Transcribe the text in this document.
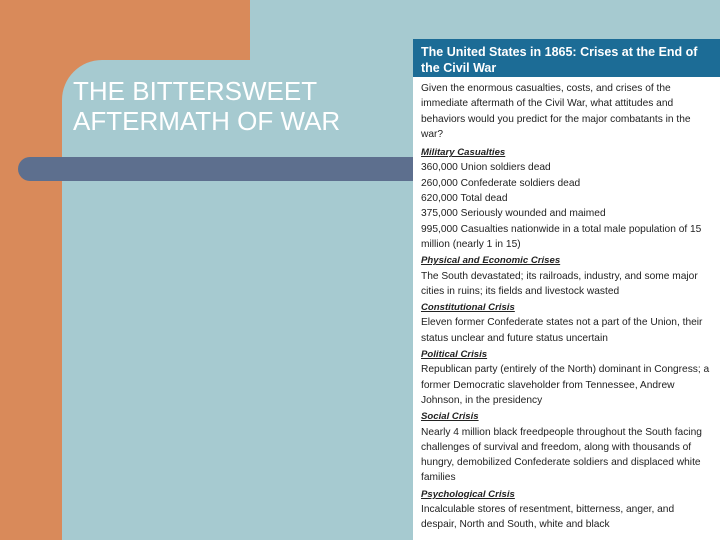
THE BITTERSWEET AFTERMATH OF WAR
The United States in 1865: Crises at the End of the Civil War

Given the enormous casualties, costs, and crises of the immediate aftermath of the Civil War, what attitudes and behaviors would you predict for the major combatants in the war?

Military Casualties

360,000 Union soldiers dead

260,000 Confederate soldiers dead

620,000 Total dead

375,000 Seriously wounded and maimed

995,000 Casualties nationwide in a total male population of 15 million (nearly 1 in 15)

Physical and Economic Crises

The South devastated; its railroads, industry, and some major cities in ruins; its fields and livestock wasted

Constitutional Crisis

Eleven former Confederate states not a part of the Union, their status unclear and future status uncertain

Political Crisis

Republican party (entirely of the North) dominant in Congress; a former Democratic slaveholder from Tennessee, Andrew Johnson, in the presidency

Social Crisis

Nearly 4 million black freedpeople throughout the South facing challenges of survival and freedom, along with thousands of hungry, demobilized Confederate soldiers and displaced white families

Psychological Crisis

Incalculable stores of resentment, bitterness, anger, and despair, North and South, white and black
